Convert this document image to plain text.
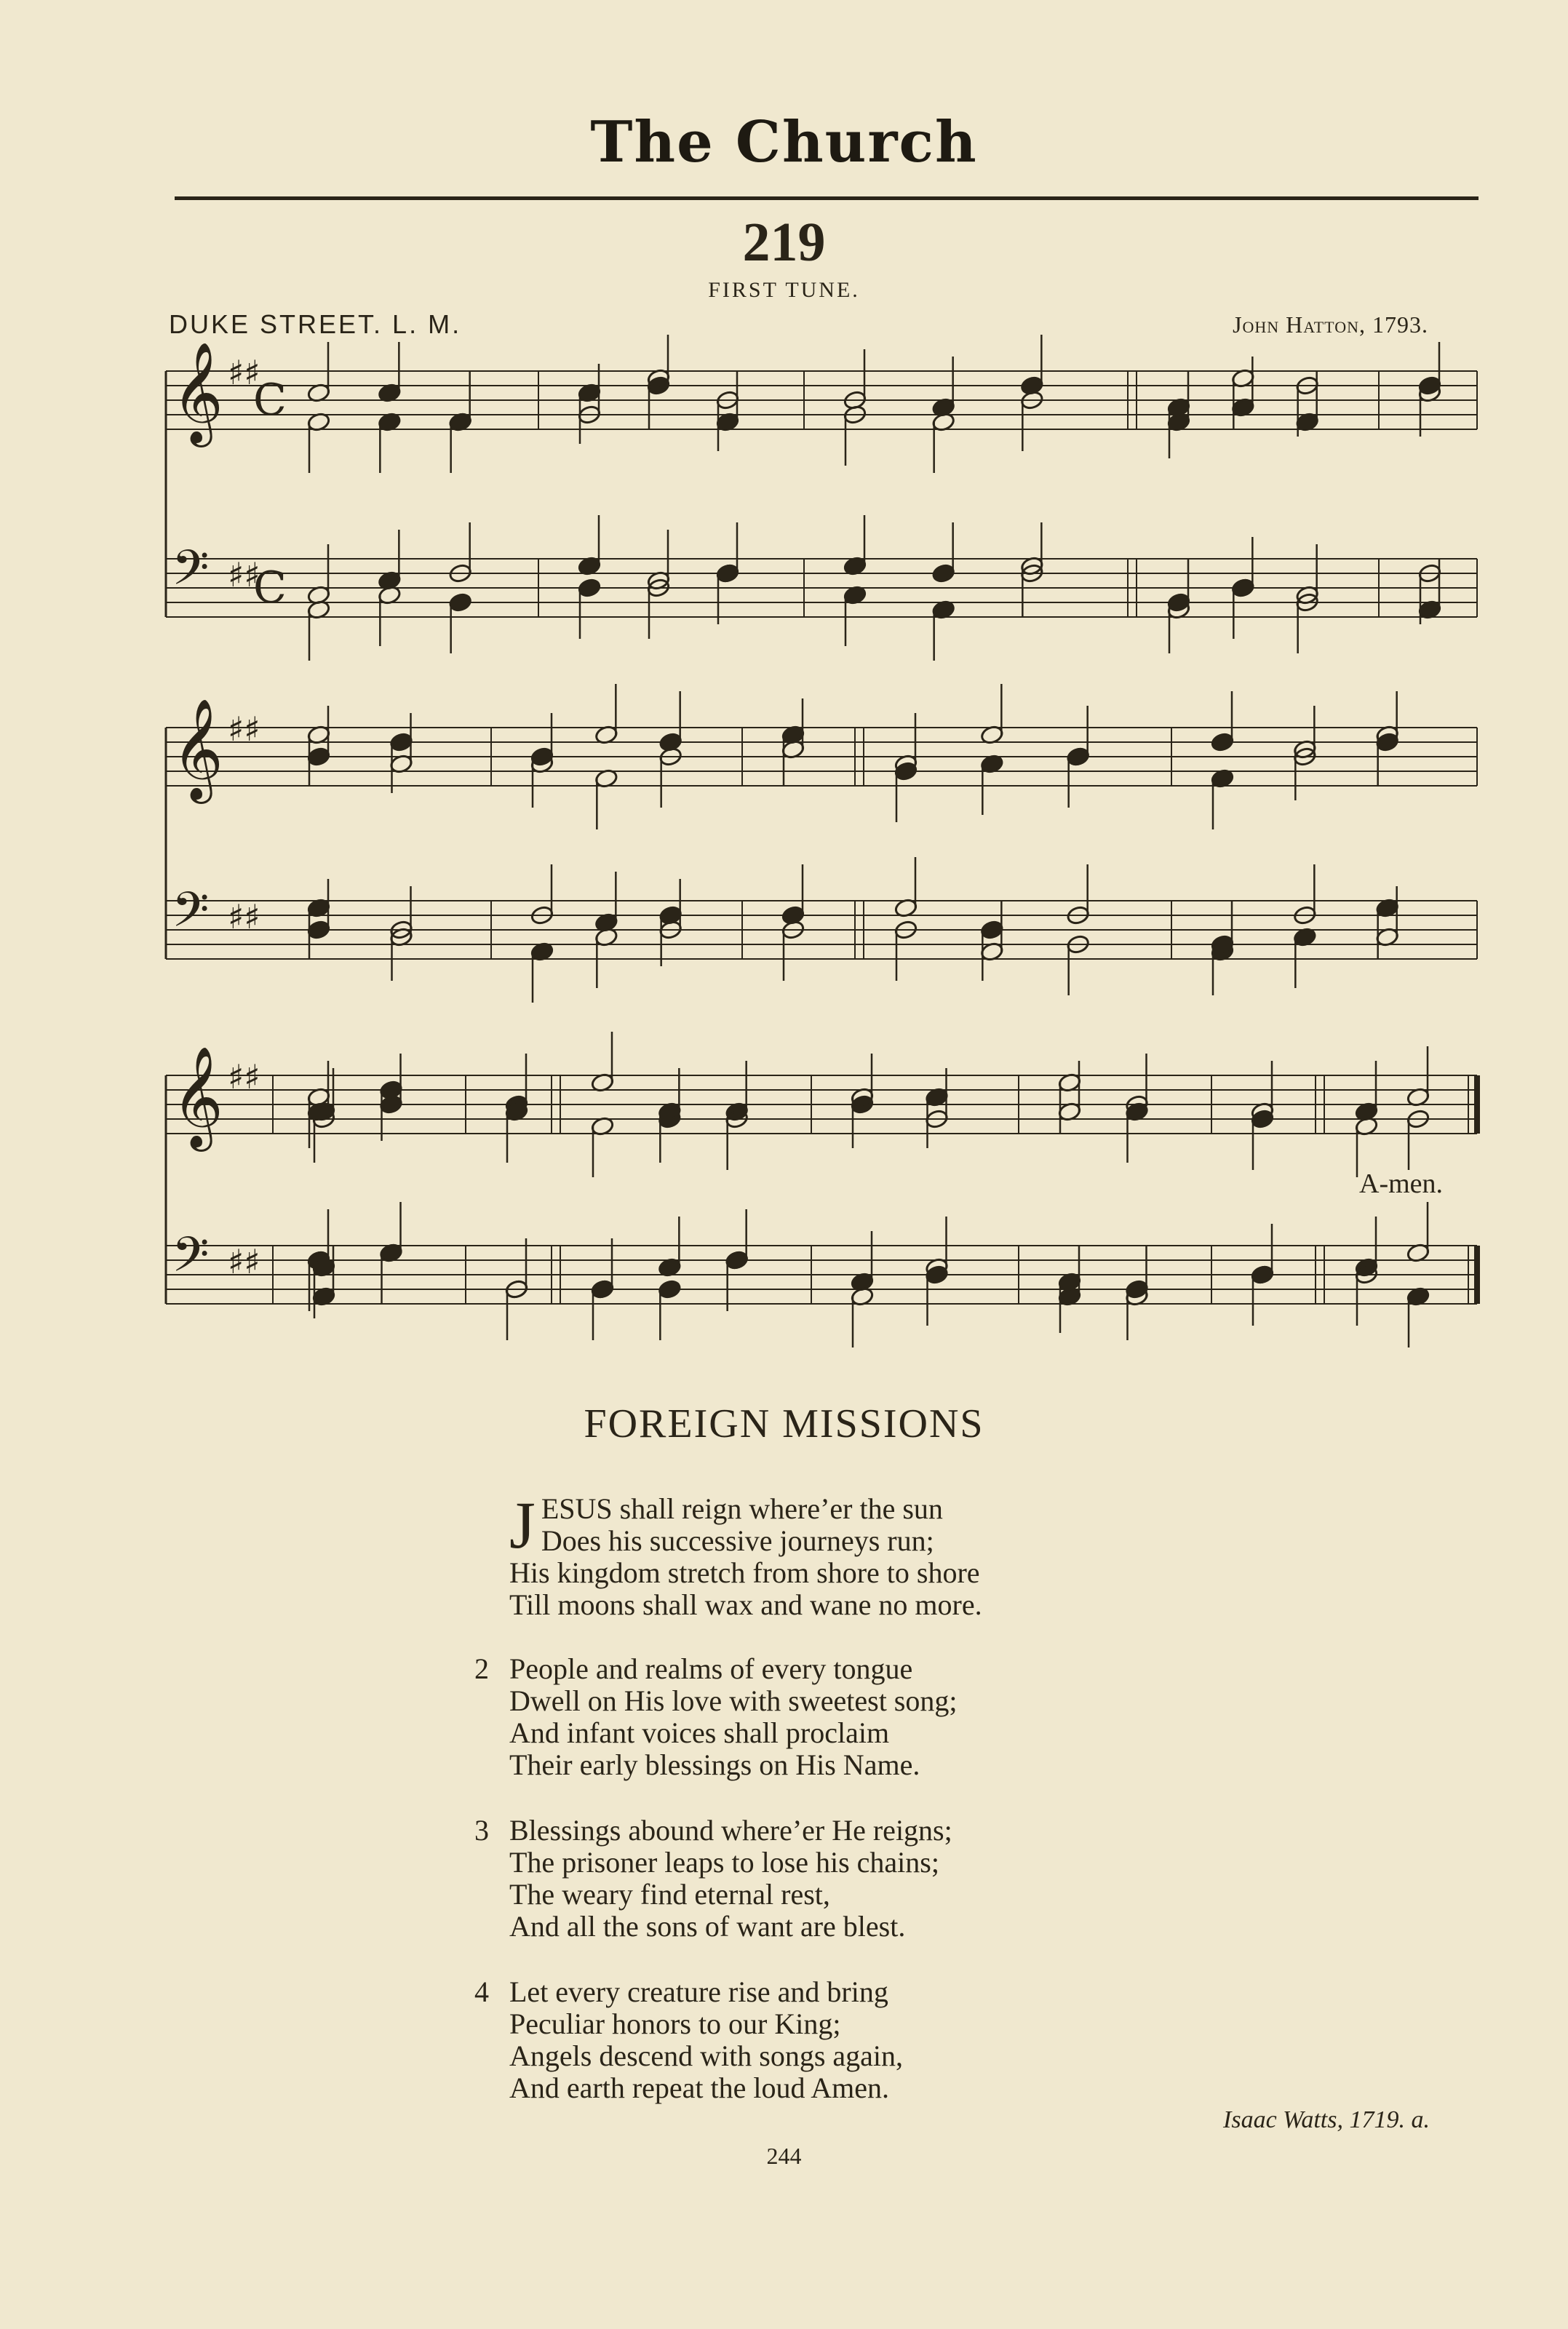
The Church
219
FIRST TUNE.
DUKE STREET. L. M.	John Hatton, 1793.
𝄞 ♯♯
𝄢 ♯♯
C
C
𝄞 ♯♯
𝄢 ♯♯
𝄞 ♯♯
𝄢 ♯♯
A-men.
FOREIGN MISSIONS
J ESUS shall reign where’er the sun
Does his successive journeys run;
His kingdom stretch from shore to shore
Till moons shall wax and wane no more.
2 People and realms of every tongue
Dwell on His love with sweetest song;
And infant voices shall proclaim
Their early blessings on His Name.
3 Blessings abound where’er He reigns;
The prisoner leaps to lose his chains;
The weary find eternal rest,
And all the sons of want are blest.
4 Let every creature rise and bring
Peculiar honors to our King;
Angels descend with songs again,
And earth repeat the loud Amen.
Isaac Watts, 1719. a.
244
